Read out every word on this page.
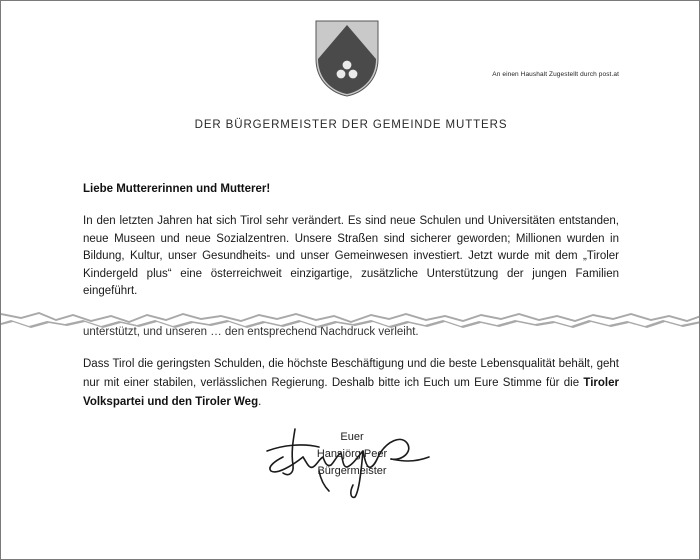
An einen Haushalt Zugestellt durch post.at
DER BÜRGERMEISTER DER GEMEINDE MUTTERS
Liebe Muttererinnen und Mutterer!
In den letzten Jahren hat sich Tirol sehr verändert. Es sind neue Schulen und Universitäten entstanden, neue Museen und neue Sozialzentren. Unsere Straßen sind sicherer geworden; Millionen wurden in Bildung, Kultur, unser Gesundheits- und unser Gemeinwesen investiert. Jetzt wurde mit dem „Tiroler Kindergeld plus“ eine österreichweit einzigartige, zusätzliche Unterstützung der jungen Familien eingeführt.
unterstützt, und unseren … den entsprechend Nachdruck verleiht.
Dass Tirol die geringsten Schulden, die höchste Beschäftigung und die beste Lebensqualität behält, geht nur mit einer stabilen, verlässlichen Regierung. Deshalb bitte ich Euch um Eure Stimme für die Tiroler Volkspartei und den Tiroler Weg.
Euer
Hansjörg Peer
Bürgermeister
